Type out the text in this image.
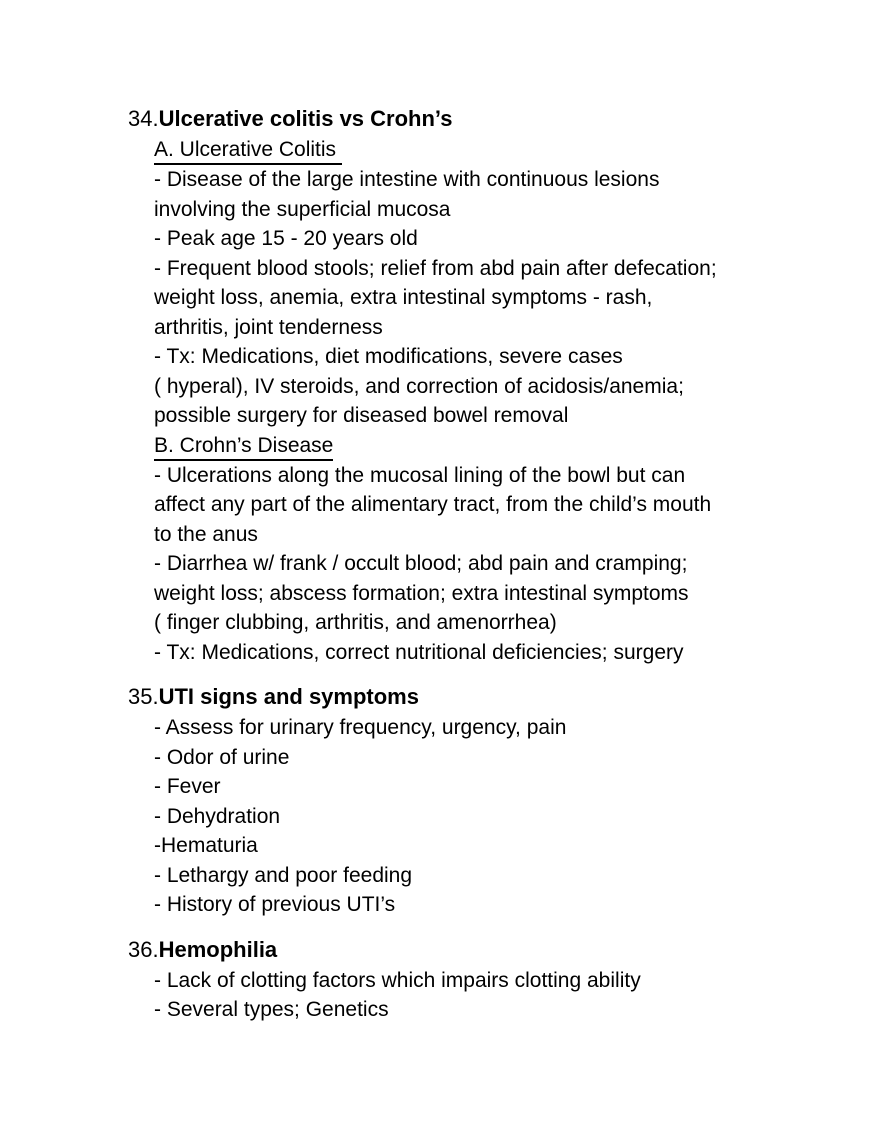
34.Ulcerative colitis vs Crohn’s
A. Ulcerative Colitis
- Disease of the large intestine with continuous lesions
involving the superficial mucosa
- Peak age 15 - 20 years old
- Frequent blood stools; relief from abd pain after defecation;
weight loss, anemia, extra intestinal symptoms - rash,
arthritis, joint tenderness
- Tx: Medications, diet modifications, severe cases
( hyperal), IV steroids, and correction of acidosis/anemia;
possible surgery for diseased bowel removal
B. Crohn’s Disease
- Ulcerations along the mucosal lining of the bowl but can
affect any part of the alimentary tract, from the child’s mouth
to the anus
- Diarrhea w/ frank / occult blood; abd pain and cramping;
weight loss; abscess formation; extra intestinal symptoms
( finger clubbing, arthritis, and amenorrhea)
- Tx: Medications, correct nutritional deficiencies; surgery
35.UTI signs and symptoms
- Assess for urinary frequency, urgency, pain
- Odor of urine
- Fever
- Dehydration
-Hematuria
- Lethargy and poor feeding
- History of previous UTI’s
36.Hemophilia
- Lack of clotting factors which impairs clotting ability
- Several types; Genetics
